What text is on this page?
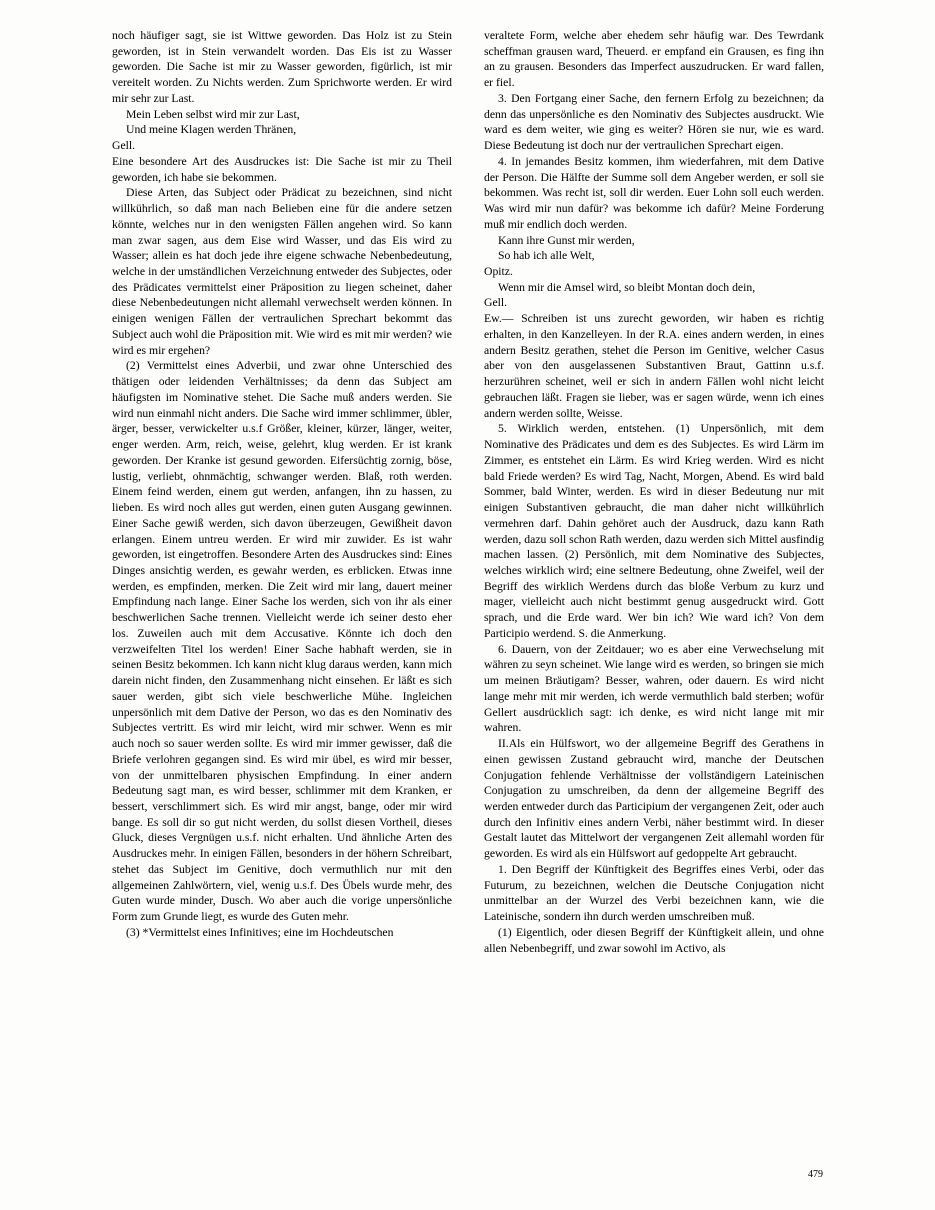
noch häufiger sagt, sie ist Wittwe geworden. Das Holz ist zu Stein geworden, ist in Stein verwandelt worden. Das Eis ist zu Wasser geworden. Die Sache ist mir zu Wasser geworden, figürlich, ist mir vereitelt worden. Zu Nichts werden. Zum Sprichworte werden. Er wird mir sehr zur Last.

Mein Leben selbst wird mir zur Last,

Und meine Klagen werden Thränen,

Gell.

Eine besondere Art des Ausdruckes ist: Die Sache ist mir zu Theil geworden, ich habe sie bekommen.

Diese Arten, das Subject oder Prädicat zu bezeichnen, sind nicht willkührlich, so daß man nach Belieben eine für die andere setzen könnte, welches nur in den wenigsten Fällen angehen wird. So kann man zwar sagen, aus dem Eise wird Wasser, und das Eis wird zu Wasser; allein es hat doch jede ihre eigene schwache Nebenbedeutung, welche in der umständlichen Verzeichnung entweder des Subjectes, oder des Prädicates vermittelst einer Präposition zu liegen scheinet, daher diese Nebenbedeutungen nicht allemahl verwechselt werden können. In einigen wenigen Fällen der vertraulichen Sprechart bekommt das Subject auch wohl die Präposition mit. Wie wird es mit mir werden? wie wird es mir ergehen?

(2) Vermittelst eines Adverbii, und zwar ohne Unterschied des thätigen oder leidenden Verhältnisses; da denn das Subject am häufigsten im Nominative stehet. Die Sache muß anders werden. Sie wird nun einmahl nicht anders. Die Sache wird immer schlimmer, übler, ärger, besser, verwickelter u.s.f Größer, kleiner, kürzer, länger, weiter, enger werden. Arm, reich, weise, gelehrt, klug werden. Er ist krank geworden. Der Kranke ist gesund geworden. Eifersüchtig zornig, böse, lustig, verliebt, ohnmächtig, schwanger werden. Blaß, roth werden. Einem feind werden, einem gut werden, anfangen, ihn zu hassen, zu lieben. Es wird noch alles gut werden, einen guten Ausgang gewinnen. Einer Sache gewiß werden, sich davon überzeugen, Gewißheit davon erlangen. Einem untreu werden. Er wird mir zuwider. Es ist wahr geworden, ist eingetroffen. Besondere Arten des Ausdruckes sind: Eines Dinges ansichtig werden, es gewahr werden, es erblicken. Etwas inne werden, es empfinden, merken. Die Zeit wird mir lang, dauert meiner Empfindung nach lange. Einer Sache los werden, sich von ihr als einer beschwerlichen Sache trennen. Vielleicht werde ich seiner desto eher los. Zuweilen auch mit dem Accusative. Könnte ich doch den verzweifelten Titel los werden! Einer Sache habhaft werden, sie in seinen Besitz bekommen. Ich kann nicht klug daraus werden, kann mich darein nicht finden, den Zusammenhang nicht einsehen. Er läßt es sich sauer werden, gibt sich viele beschwerliche Mühe. Ingleichen unpersönlich mit dem Dative der Person, wo das es den Nominativ des Subjectes vertritt. Es wird mir leicht, wird mir schwer. Wenn es mir auch noch so sauer werden sollte. Es wird mir immer gewisser, daß die Briefe verlohren gegangen sind. Es wird mir übel, es wird mir besser, von der unmittelbaren physischen Empfindung. In einer andern Bedeutung sagt man, es wird besser, schlimmer mit dem Kranken, er bessert, verschlimmert sich. Es wird mir angst, bange, oder mir wird bange. Es soll dir so gut nicht werden, du sollst diesen Vortheil, dieses Gluck, dieses Vergnügen u.s.f. nicht erhalten. Und ähnliche Arten des Ausdruckes mehr. In einigen Fällen, besonders in der höhern Schreibart, stehet das Subject im Genitive, doch vermuthlich nur mit den allgemeinen Zahlwörtern, viel, wenig u.s.f. Des Übels wurde mehr, des Guten wurde minder, Dusch. Wo aber auch die vorige unpersönliche Form zum Grunde liegt, es wurde des Guten mehr.

(3) *Vermittelst eines Infinitives; eine im Hochdeutschen

veraltete Form, welche aber ehedem sehr häufig war. Des Tewrdank scheffman grausen ward, Theuerd. er empfand ein Grausen, es fing ihn an zu grausen. Besonders das Imperfect auszudrucken. Er ward fallen, er fiel.

3. Den Fortgang einer Sache, den fernern Erfolg zu bezeichnen; da denn das unpersönliche es den Nominativ des Subjectes ausdruckt. Wie ward es dem weiter, wie ging es weiter? Hören sie nur, wie es ward. Diese Bedeutung ist doch nur der vertraulichen Sprechart eigen.

4. In jemandes Besitz kommen, ihm wiederfahren, mit dem Dative der Person. Die Hälfte der Summe soll dem Angeber werden, er soll sie bekommen. Was recht ist, soll dir werden. Euer Lohn soll euch werden. Was wird mir nun dafür? was bekomme ich dafür? Meine Forderung muß mir endlich doch werden.

Kann ihre Gunst mir werden,

So hab ich alle Welt,

Opitz.

Wenn mir die Amsel wird, so bleibt Montan doch dein,

Gell.

Ew.— Schreiben ist uns zurecht geworden, wir haben es richtig erhalten, in den Kanzelleyen. In der R.A. eines andern werden, in eines andern Besitz gerathen, stehet die Person im Genitive, welcher Casus aber von den ausgelassenen Substantiven Braut, Gattinn u.s.f. herzurühren scheinet, weil er sich in andern Fällen wohl nicht leicht gebrauchen läßt. Fragen sie lieber, was er sagen würde, wenn ich eines andern werden sollte, Weisse.

5. Wirklich werden, entstehen. (1) Unpersönlich, mit dem Nominative des Prädicates und dem es des Subjectes. Es wird Lärm im Zimmer, es entstehet ein Lärm. Es wird Krieg werden. Wird es nicht bald Friede werden? Es wird Tag, Nacht, Morgen, Abend. Es wird bald Sommer, bald Winter, werden. Es wird in dieser Bedeutung nur mit einigen Substantiven gebraucht, die man daher nicht willkührlich vermehren darf. Dahin gehöret auch der Ausdruck, dazu kann Rath werden, dazu soll schon Rath werden, dazu werden sich Mittel ausfindig machen lassen. (2) Persönlich, mit dem Nominative des Subjectes, welches wirklich wird; eine seltnere Bedeutung, ohne Zweifel, weil der Begriff des wirklich Werdens durch das bloße Verbum zu kurz und mager, vielleicht auch nicht bestimmt genug ausgedruckt wird. Gott sprach, und die Erde ward. Wer bin ich? Wie ward ich? Von dem Participio werdend. S. die Anmerkung.

6. Dauern, von der Zeitdauer; wo es aber eine Verwechselung mit währen zu seyn scheinet. Wie lange wird es werden, so bringen sie mich um meinen Bräutigam? Besser, wahren, oder dauern. Es wird nicht lange mehr mit mir werden, ich werde vermuthlich bald sterben; wofür Gellert ausdrücklich sagt: ich denke, es wird nicht lange mit mir wahren.

II.Als ein Hülfswort, wo der allgemeine Begriff des Gerathens in einen gewissen Zustand gebraucht wird, manche der Deutschen Conjugation fehlende Verhältnisse der vollständigern Lateinischen Conjugation zu umschreiben, da denn der allgemeine Begriff des werden entweder durch das Participium der vergangenen Zeit, oder auch durch den Infinitiv eines andern Verbi, näher bestimmt wird. In dieser Gestalt lautet das Mittelwort der vergangenen Zeit allemahl worden für geworden. Es wird als ein Hülfswort auf gedoppelte Art gebraucht.

1. Den Begriff der Künftigkeit des Begriffes eines Verbi, oder das Futurum, zu bezeichnen, welchen die Deutsche Conjugation nicht unmittelbar an der Wurzel des Verbi bezeichnen kann, wie die Lateinische, sondern ihn durch werden umschreiben muß.

(1) Eigentlich, oder diesen Begriff der Künftigkeit allein, und ohne allen Nebenbegriff, und zwar sowohl im Activo, als

479
